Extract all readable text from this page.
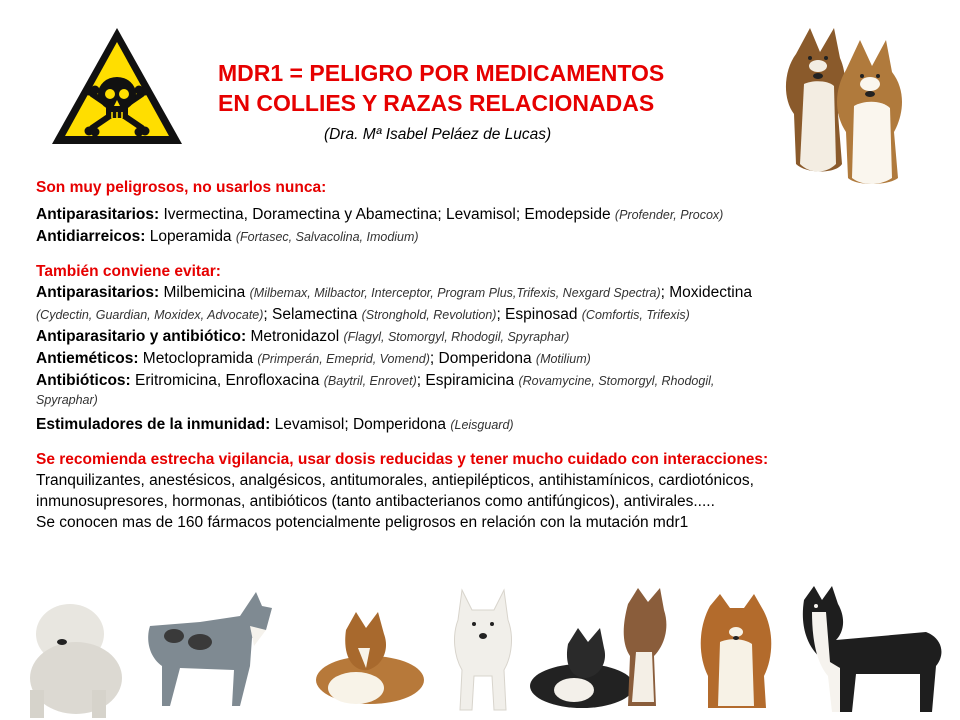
MDR1 = PELIGRO POR MEDICAMENTOS
EN COLLIES Y RAZAS RELACIONADAS
(Dra. Mª Isabel Peláez de Lucas)
Son muy peligrosos, no usarlos nunca:
Antiparasitarios: Ivermectina, Doramectina y Abamectina; Levamisol; Emodepside (Profender, Procox)
Antidiarreicos: Loperamida (Fortasec, Salvacolina, Imodium)
También conviene evitar:
Antiparasitarios: Milbemicina (Milbemax, Milbactor, Interceptor, Program Plus,Trifexis, Nexgard Spectra); Moxidectina
(Cydectin, Guardian, Moxidex, Advocate); Selamectina (Stronghold, Revolution); Espinosad (Comfortis, Trifexis)
Antiparasitario y antibiótico: Metronidazol (Flagyl, Stomorgyl, Rhodogil, Spyraphar)
Antieméticos: Metoclopramida (Primperán, Emeprid, Vomend); Domperidona (Motilium)
Antibióticos: Eritromicina, Enrofloxacina (Baytril, Enrovet); Espiramicina (Rovamycine, Stomorgyl, Rhodogil,
Spyraphar)
Estimuladores de la inmunidad: Levamisol; Domperidona (Leisguard)
Se recomienda estrecha vigilancia, usar dosis reducidas y tener mucho cuidado con interacciones:
Tranquilizantes, anestésicos, analgésicos, antitumorales, antiepilépticos, antihistamínicos, cardiotónicos,
inmunosupresores, hormonas, antibióticos (tanto antibacterianos como antifúngicos), antivirales.....
Se conocen mas de 160 fármacos potencialmente peligrosos en relación con la mutación mdr1
